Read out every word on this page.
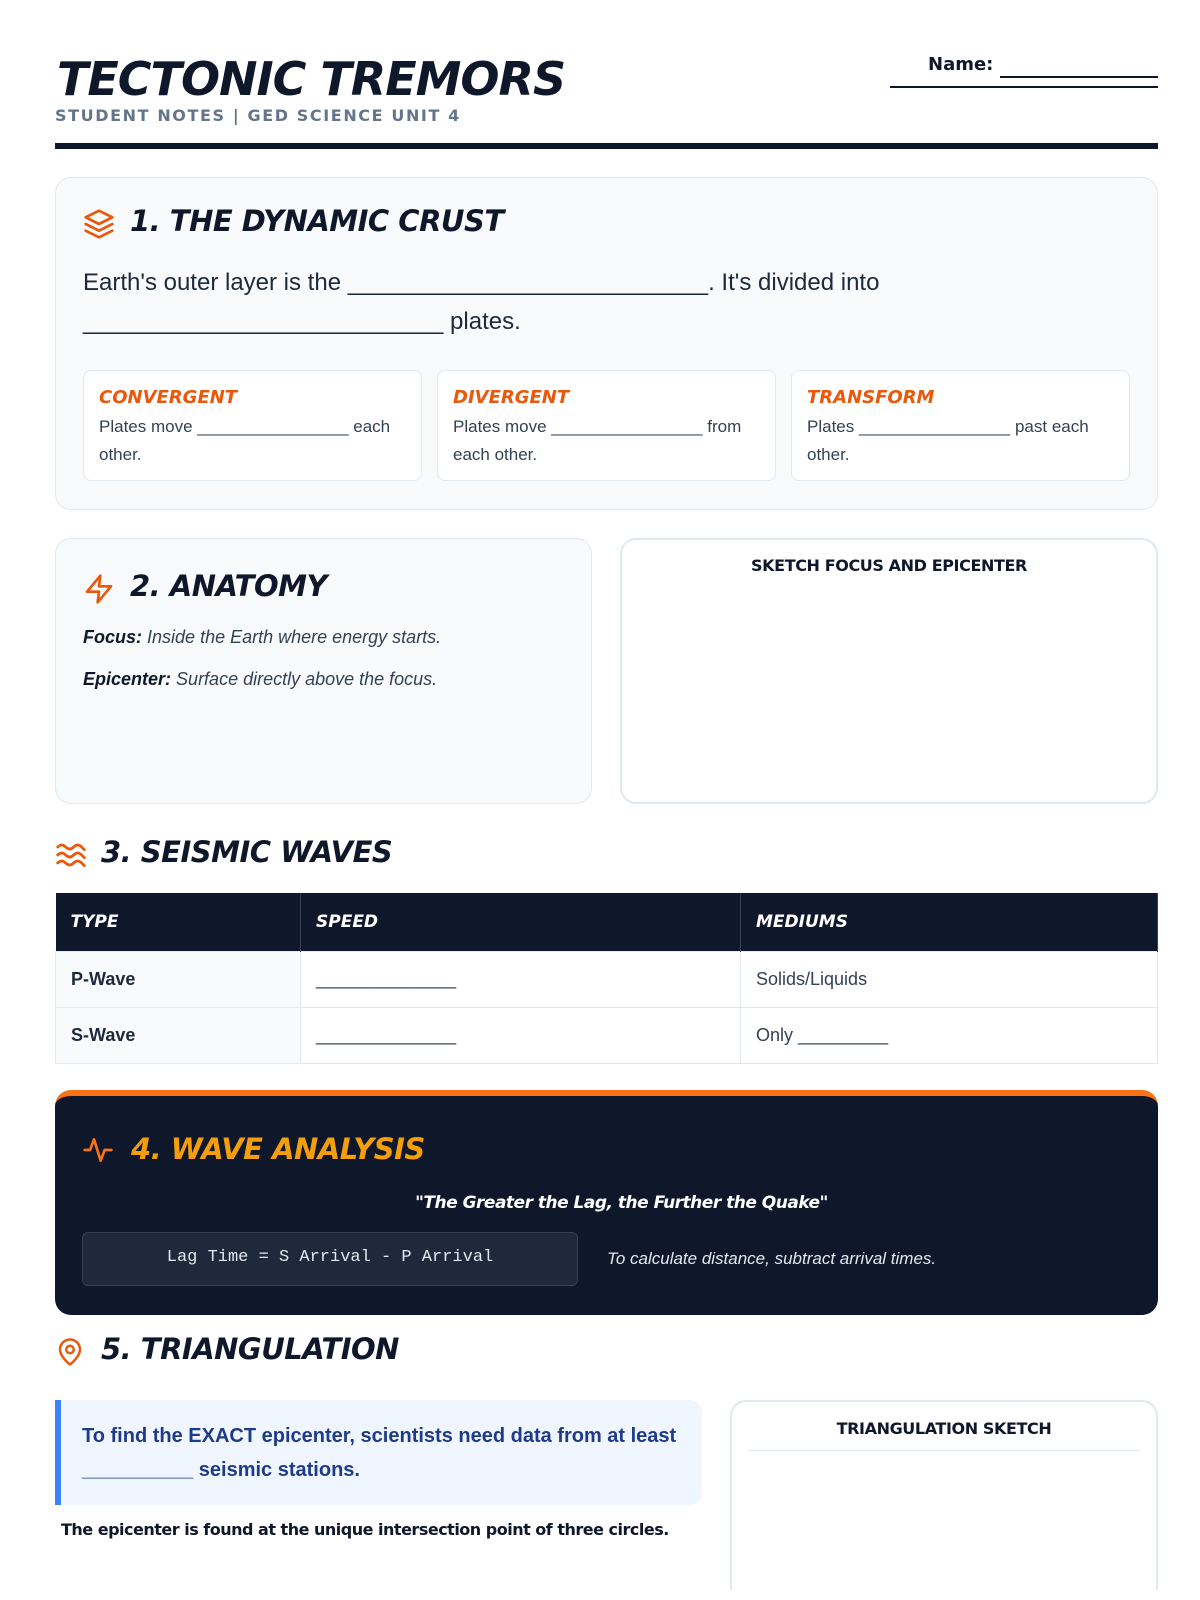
TECTONIC TREMORS
STUDENT NOTES | GED SCIENCE UNIT 4
Name:
1. THE DYNAMIC CRUST
Earth's outer layer is the ___________________________. It's divided into ___________________________ plates.
CONVERGENT
Plates move ________________ each other.
DIVERGENT
Plates move ________________ from each other.
TRANSFORM
Plates ________________ past each other.
2. ANATOMY
Focus: Inside the Earth where energy starts.
Epicenter: Surface directly above the focus.
SKETCH FOCUS AND EPICENTER
3. SEISMIC WAVES
TYPE	SPEED	MEDIUMS
P-Wave	______________	Solids/Liquids
S-Wave	______________	Only _________
4. WAVE ANALYSIS
"The Greater the Lag, the Further the Quake"
Lag Time = S Arrival - P Arrival	To calculate distance, subtract arrival times.
5. TRIANGULATION
To find the EXACT epicenter, scientists need data from at least __________ seismic stations.
The epicenter is found at the unique intersection point of three circles.
TRIANGULATION SKETCH
